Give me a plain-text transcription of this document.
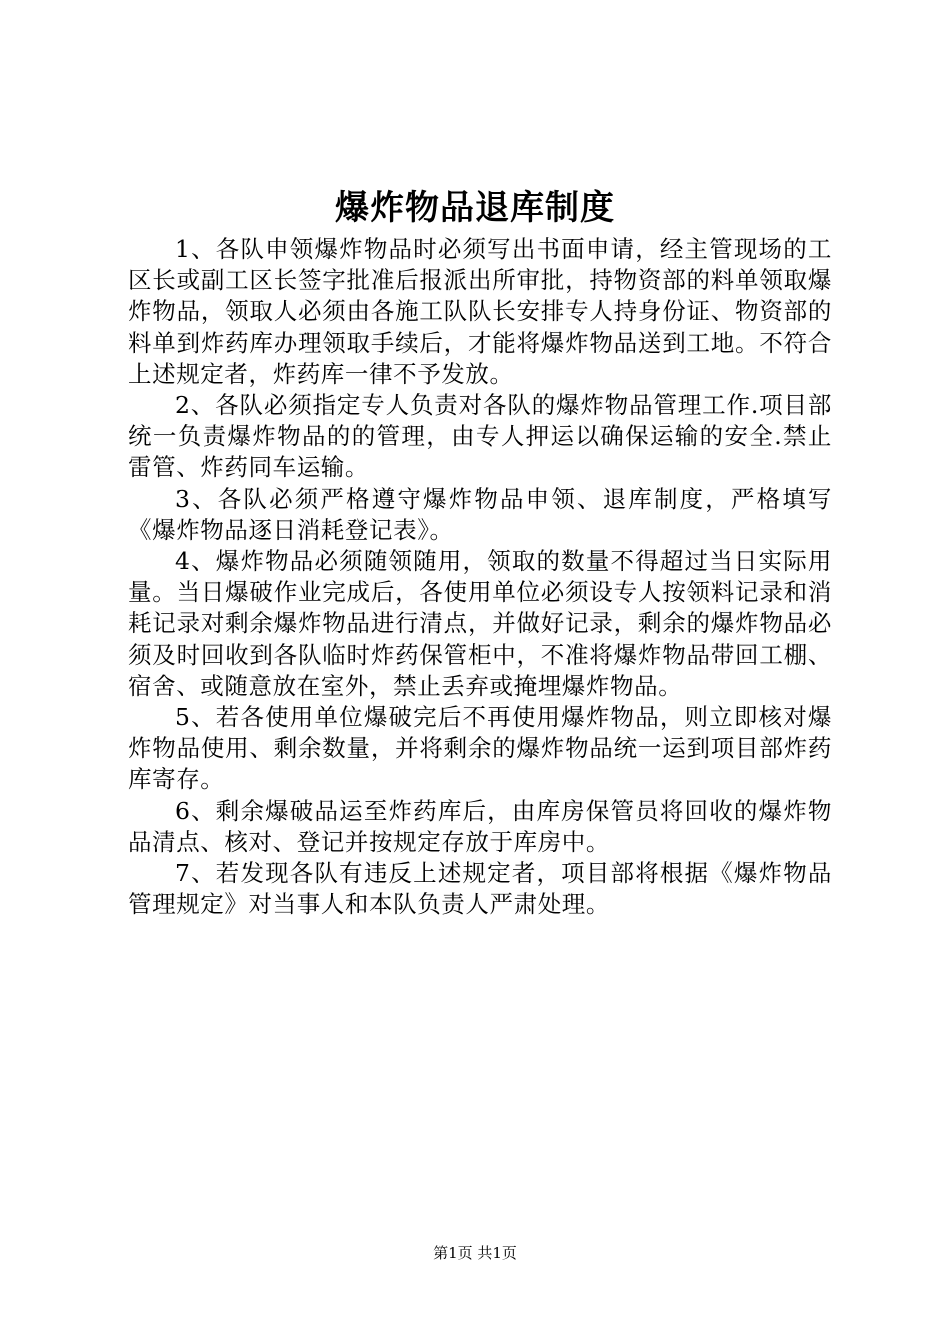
爆炸物品退库制度

1、各队申领爆炸物品时必须写出书面申请，经主管现场的工区长或副工区长签字批准后报派出所审批，持物资部的料单领取爆炸物品，领取人必须由各施工队队长安排专人持身份证、物资部的料单到炸药库办理领取手续后，才能将爆炸物品送到工地。不符合上述规定者，炸药库一律不予发放。

2、各队必须指定专人负责对各队的爆炸物品管理工作.项目部统一负责爆炸物品的的管理，由专人押运以确保运输的安全.禁止雷管、炸药同车运输。

3、各队必须严格遵守爆炸物品申领、退库制度，严格填写《爆炸物品逐日消耗登记表》。

4、爆炸物品必须随领随用，领取的数量不得超过当日实际用量。当日爆破作业完成后，各使用单位必须设专人按领料记录和消耗记录对剩余爆炸物品进行清点，并做好记录，剩余的爆炸物品必须及时回收到各队临时炸药保管柜中，不准将爆炸物品带回工棚、宿舍、或随意放在室外，禁止丢弃或掩埋爆炸物品。

5、若各使用单位爆破完后不再使用爆炸物品，则立即核对爆炸物品使用、剩余数量，并将剩余的爆炸物品统一运到项目部炸药库寄存。

6、剩余爆破品运至炸药库后，由库房保管员将回收的爆炸物品清点、核对、登记并按规定存放于库房中。

7、若发现各队有违反上述规定者，项目部将根据《爆炸物品管理规定》对当事人和本队负责人严肃处理。

第1页 共1页
